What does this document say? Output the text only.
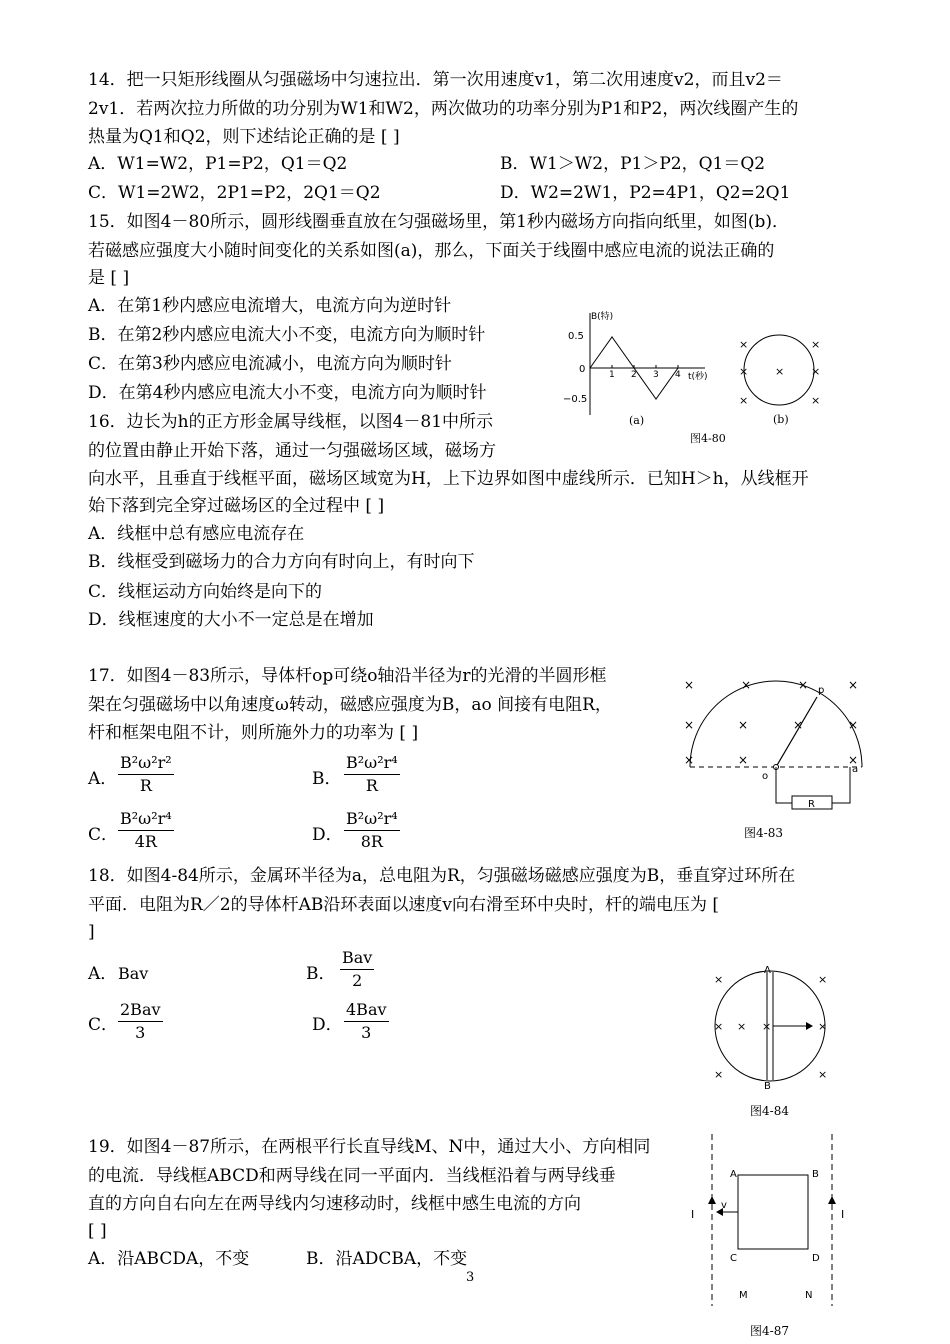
14．把一只矩形线圈从匀强磁场中匀速拉出．第一次用速度v1，第二次用速度v2，而且v2＝
2v1．若两次拉力所做的功分别为W1和W2，两次做功的功率分别为P1和P2，两次线圈产生的
热量为Q1和Q2，则下述结论正确的是 [ ]
A．W1=W2，P1=P2，Q1＝Q2	B．W1＞W2，P1＞P2，Q1＝Q2
C．W1=2W2，2P1=P2，2Q1＝Q2	D．W2=2W1，P2=4P1，Q2=2Q1
15．如图4－80所示，圆形线圈垂直放在匀强磁场里，第1秒内磁场方向指向纸里，如图(b)．
若磁感应强度大小随时间变化的关系如图(a)，那么，下面关于线圈中感应电流的说法正确的
是 [ ]
A．在第1秒内感应电流增大，电流方向为逆时针
B．在第2秒内感应电流大小不变，电流方向为顺时针
C．在第3秒内感应电流减小，电流方向为顺时针
D．在第4秒内感应电流大小不变，电流方向为顺时针
B(特)
t(秒)
0.5
0
−0.5
1 2 3 4
(a)
×	×
× × ×
×	×
(b)
图4-80
16．边长为h的正方形金属导线框，以图4－81中所示
的位置由静止开始下落，通过一匀强磁场区域，磁场方
向水平，且垂直于线框平面，磁场区域宽为H，上下边界如图中虚线所示．已知H＞h，从线框开
始下落到完全穿过磁场区的全过程中 [ ]
A．线框中总有感应电流存在
B．线框受到磁场力的合力方向有时向上，有时向下
C．线框运动方向始终是向下的
D．线框速度的大小不一定总是在增加
17．如图4－83所示，导体杆op可绕o轴沿半径为r的光滑的半圆形框
架在匀强磁场中以角速度ω转动，磁感应强度为B，ao 间接有电阻R，
杆和框架电阻不计，则所施外力的功率为 [ ]
A． $\frac{\text{B²ω²r²}}{R}$	B． $\frac{\text{B²ω²r⁴}}{R}$
C． $\frac{\text{B²ω²r⁴}}{4R}$	D． $\frac{\text{B²ω²r⁴}}{8R}$
R
o
a
p
×	×	×	×
×	×	×	×
×	×	×
图4-83
18．如图4-84所示，金属环半径为a，总电阻为R，匀强磁场磁感应强度为B，垂直穿过环所在
平面．电阻为R／2的导体杆AB沿环表面以速度v向右滑至环中央时，杆的端电压为 [
]
A． Bav	B．
Bav
2
C．
2Bav
3	D．
4Bav
3
A
B
×	×
× × ×	×
×	×
图4-84
19．如图4－87所示，在两根平行长直导线M、N中，通过大小、方向相同
的电流．导线框ABCD和两导线在同一平面内．当线框沿着与两导线垂
直的方向自右向左在两导线内匀速移动时，线框中感生电流的方向
[ ]
A．沿ABCDA，不变	B．沿ADCBA，不变
I	I
A	B
C	D
v
M	N
图4-87
3
